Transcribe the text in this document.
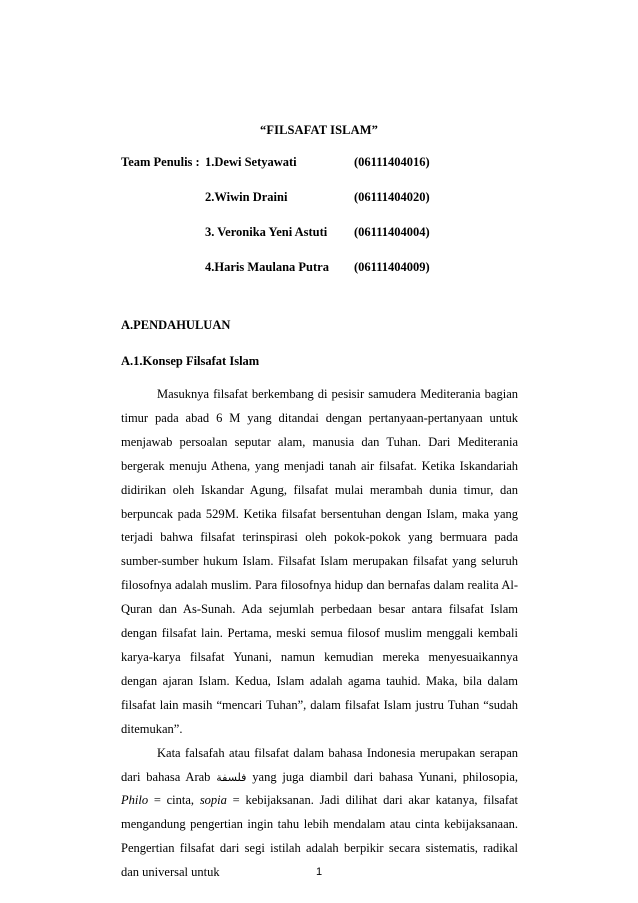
“FILSAFAT ISLAM”
Team Penulis : 1.Dewi Setyawati	(06111404016)
2.Wiwin Draini	(06111404020)
3. Veronika Yeni Astuti (06111404004)
4.Haris Maulana Putra (06111404009)
A.PENDAHULUAN
A.1.Konsep Filsafat Islam

Masuknya filsafat berkembang di pesisir samudera Mediterania bagian timur pada abad 6 M yang ditandai dengan pertanyaan-pertanyaan untuk menjawab persoalan seputar alam, manusia dan Tuhan. Dari Mediterania bergerak menuju Athena, yang menjadi tanah air filsafat. Ketika Iskandariah didirikan oleh Iskandar Agung, filsafat mulai merambah dunia timur, dan berpuncak pada 529M. Ketika filsafat bersentuhan dengan Islam, maka yang terjadi bahwa filsafat terinspirasi oleh pokok-pokok yang bermuara pada sumber-sumber hukum Islam. Filsafat Islam merupakan filsafat yang seluruh filosofnya adalah muslim. Para filosofnya hidup dan bernafas dalam realita Al-Quran dan As-Sunah. Ada sejumlah perbedaan besar antara filsafat Islam dengan filsafat lain. Pertama, meski semua filosof muslim menggali kembali karya-karya filsafat Yunani, namun kemudian mereka menyesuaikannya dengan ajaran Islam. Kedua, Islam adalah agama tauhid. Maka, bila dalam filsafat lain masih “mencari Tuhan”, dalam filsafat Islam justru Tuhan “sudah ditemukan”.

Kata falsafah atau filsafat dalam bahasa Indonesia merupakan serapan dari bahasa Arab فلسفة yang juga diambil dari bahasa Yunani, philosopia, Philo = cinta, sopia = kebijaksanan. Jadi dilihat dari akar katanya, filsafat mengandung pengertian ingin tahu lebih mendalam atau cinta kebijaksanaan. Pengertian filsafat dari segi istilah adalah berpikir secara sistematis, radikal dan universal untuk	1
